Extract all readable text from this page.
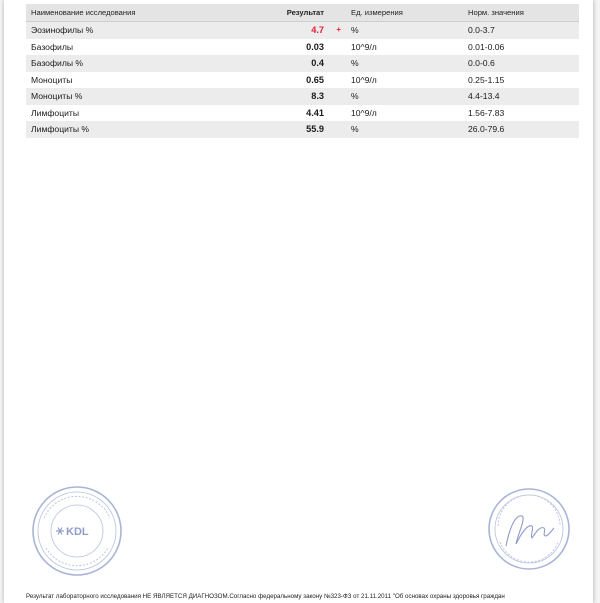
Наименование исследования	Результат	Ед. измерения	Норм. значения
Эозинофилы %	4.7 +	%	0.0-3.7
Базофилы	0.03	10^9/л	0.01-0.06
Базофилы %	0.4	%	0.0-0.6
Моноциты	0.65	10^9/л	0.25-1.15
Моноциты %	8.3	%	4.4-13.4
Лимфоциты	4.41	10^9/л	1.56-7.83
Лимфоциты %	55.9	%	26.0-79.6
KDL
Результат лабораторного исследования НЕ ЯВЛЯЕТСЯ ДИАГНОЗОМ.Согласно федеральному закону №323-ФЗ от 21.11.2011 "Об основах охраны здоровья граждан
